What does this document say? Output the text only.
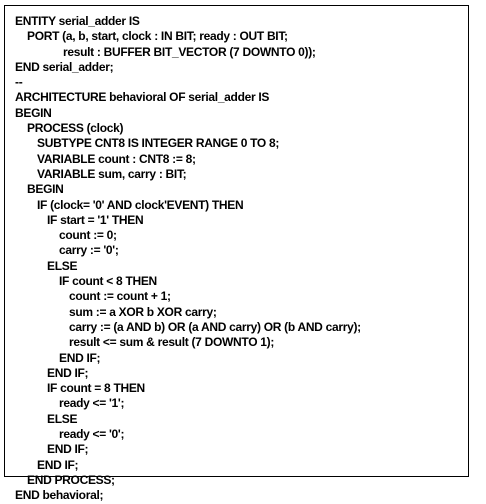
ENTITY serial_adder IS
PORT (a, b, start, clock : IN BIT; ready : OUT BIT;
result : BUFFER BIT_VECTOR (7 DOWNTO 0));
END serial_adder;
--
ARCHITECTURE behavioral OF serial_adder IS
BEGIN
PROCESS (clock)
SUBTYPE CNT8 IS INTEGER RANGE 0 TO 8;
VARIABLE count : CNT8 := 8;
VARIABLE sum, carry : BIT;
BEGIN
IF (clock= '0' AND clock'EVENT) THEN
IF start = '1' THEN
count := 0;
carry := '0';
ELSE
IF count < 8 THEN
count := count + 1;
sum := a XOR b XOR carry;
carry := (a AND b) OR (a AND carry) OR (b AND carry);
result <= sum & result (7 DOWNTO 1);
END IF;
END IF;
IF count = 8 THEN
ready <= '1';
ELSE
ready <= '0';
END IF;
END IF;
END PROCESS;
END behavioral;
